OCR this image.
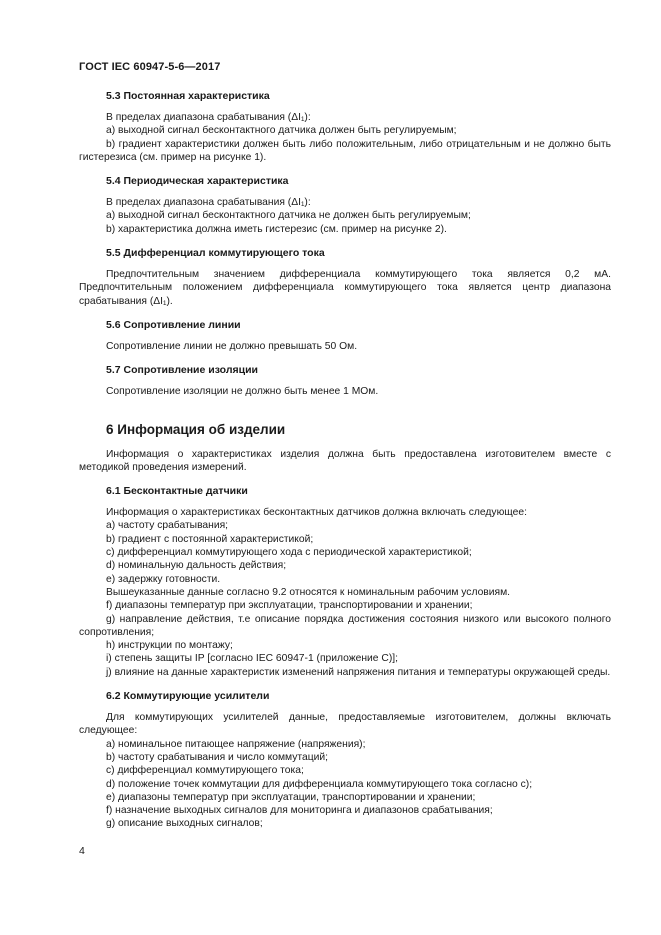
ГОСТ IEC 60947-5-6—2017
5.3 Постоянная характеристика

В пределах диапазона срабатывания (ΔI₁):

a) выходной сигнал бесконтактного датчика должен быть регулируемым;

b) градиент характеристики должен быть либо положительным, либо отрицательным и не должно быть гистерезиса (см. пример на рисунке 1).

5.4 Периодическая характеристика

В пределах диапазона срабатывания (ΔI₁):

a) выходной сигнал бесконтактного датчика не должен быть регулируемым;

b) характеристика должна иметь гистерезис (см. пример на рисунке 2).

5.5 Дифференциал коммутирующего тока

Предпочтительным значением дифференциала коммутирующего тока является 0,2 мА. Предпочтительным положением дифференциала коммутирующего тока является центр диапазона срабатывания (ΔI₁).

5.6 Сопротивление линии

Сопротивление линии не должно превышать 50 Ом.

5.7 Сопротивление изоляции

Сопротивление изоляции не должно быть менее 1 МОм.

6 Информация об изделии

Информация о характеристиках изделия должна быть предоставлена изготовителем вместе с методикой проведения измерений.

6.1 Бесконтактные датчики

Информация о характеристиках бесконтактных датчиков должна включать следующее:

a) частоту срабатывания;

b) градиент с постоянной характеристикой;

c) дифференциал коммутирующего хода с периодической характеристикой;

d) номинальную дальность действия;

e) задержку готовности.

Вышеуказанные данные согласно 9.2 относятся к номинальным рабочим условиям.

f) диапазоны температур при эксплуатации, транспортировании и хранении;

g) направление действия, т.е описание порядка достижения состояния низкого или высокого полного сопротивления;

h) инструкции по монтажу;

i) степень защиты IP [согласно IEC 60947-1 (приложение C)];

j) влияние на данные характеристик изменений напряжения питания и температуры окружающей среды.

6.2 Коммутирующие усилители

Для коммутирующих усилителей данные, предоставляемые изготовителем, должны включать следующее:

a) номинальное питающее напряжение (напряжения);

b) частоту срабатывания и число коммутаций;

c) дифференциал коммутирующего тока;

d) положение точек коммутации для дифференциала коммутирующего тока согласно c);

e) диапазоны температур при эксплуатации, транспортировании и хранении;

f) назначение выходных сигналов для мониторинга и диапазонов срабатывания;

g) описание выходных сигналов;

4
